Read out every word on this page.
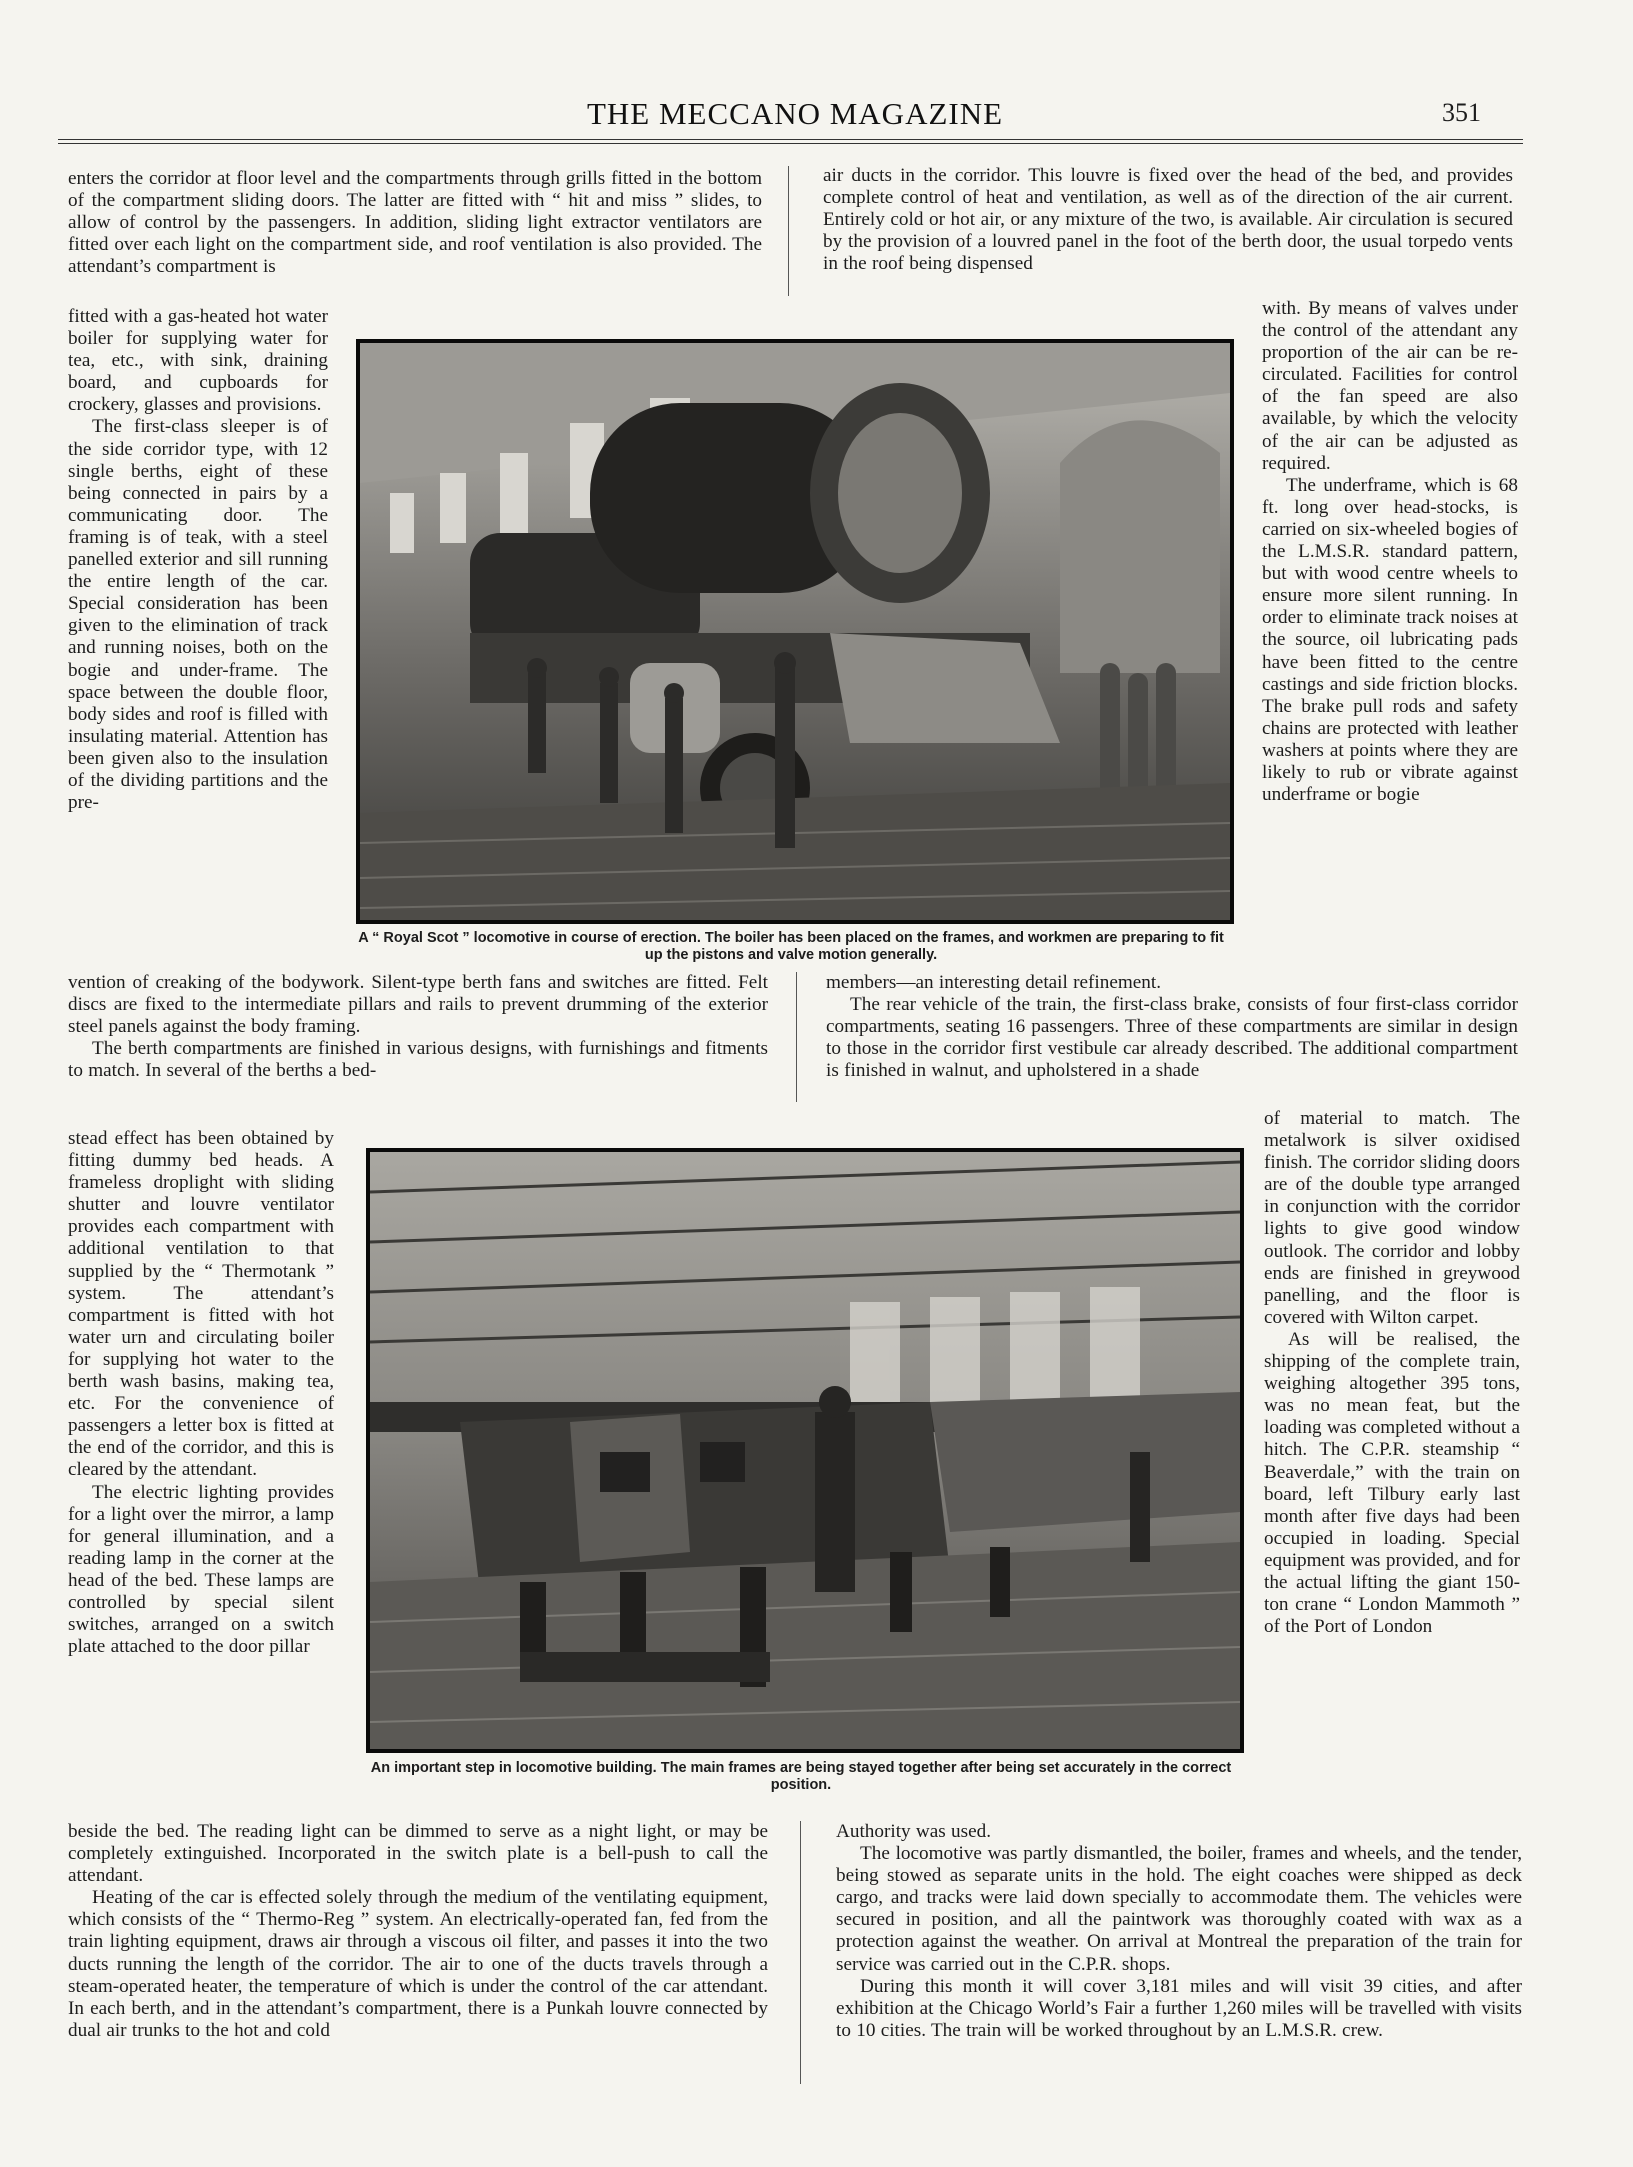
THE MECCANO MAGAZINE	351

enters the corridor at floor level and the compartments through grills fitted in the bottom of the compartment sliding doors. The latter are fitted with “ hit and miss ” slides, to allow of control by the passengers. In addition, sliding light extractor ventilators are fitted over each light on the compartment side, and roof ventilation is also provided. The attendant’s compartment is

air ducts in the corridor. This louvre is fixed over the head of the bed, and provides complete control of heat and ventilation, as well as of the direction of the air current. Entirely cold or hot air, or any mixture of the two, is available. Air circulation is secured by the provision of a louvred panel in the foot of the berth door, the usual torpedo vents in the roof being dispensed

fitted with a gas-heated hot water boiler for supplying water for tea, etc., with sink, draining board, and cupboards for crockery, glasses and provisions.

The first-class sleeper is of the side corridor type, with 12 single berths, eight of these being connected in pairs by a communicating door. The framing is of teak, with a steel panelled exterior and sill running the entire length of the car. Special consideration has been given to the elimination of track and running noises, both on the bogie and under-frame. The space between the double floor, body sides and roof is filled with insulating material. Attention has been given also to the insulation of the dividing partitions and the pre-

with. By means of valves under the control of the attendant any proportion of the air can be re-circulated. Facilities for control of the fan speed are also available, by which the velocity of the air can be adjusted as required.

The underframe, which is 68 ft. long over head-stocks, is carried on six-wheeled bogies of the L.M.S.R. standard pattern, but with wood centre wheels to ensure more silent running. In order to eliminate track noises at the source, oil lubricating pads have been fitted to the centre castings and side friction blocks. The brake pull rods and safety chains are protected with leather washers at points where they are likely to rub or vibrate against underframe or bogie

A “ Royal Scot ” locomotive in course of erection. The boiler has been placed on the frames, and workmen are preparing to fit up the pistons and valve motion generally.

vention of creaking of the bodywork. Silent-type berth fans and switches are fitted. Felt discs are fixed to the intermediate pillars and rails to prevent drumming of the exterior steel panels against the body framing.

The berth compartments are finished in various designs, with furnishings and fitments to match. In several of the berths a bed-

members—an interesting detail refinement.

The rear vehicle of the train, the first-class brake, consists of four first-class corridor compartments, seating 16 passengers. Three of these compartments are similar in design to those in the corridor first vestibule car already described. The additional compartment is finished in walnut, and upholstered in a shade

stead effect has been obtained by fitting dummy bed heads. A frameless droplight with sliding shutter and louvre ventilator provides each compartment with additional ventilation to that supplied by the “ Thermotank ” system. The attendant’s compartment is fitted with hot water urn and circulating boiler for supplying hot water to the berth wash basins, making tea, etc. For the convenience of passengers a letter box is fitted at the end of the corridor, and this is cleared by the attendant.

The electric lighting provides for a light over the mirror, a lamp for general illumination, and a reading lamp in the corner at the head of the bed. These lamps are controlled by special silent switches, arranged on a switch plate attached to the door pillar

of material to match. The metalwork is silver oxidised finish. The corridor sliding doors are of the double type arranged in conjunction with the corridor lights to give good window outlook. The corridor and lobby ends are finished in greywood panelling, and the floor is covered with Wilton carpet.

As will be realised, the shipping of the complete train, weighing altogether 395 tons, was no mean feat, but the loading was completed without a hitch. The C.P.R. steamship “ Beaverdale,” with the train on board, left Tilbury early last month after five days had been occupied in loading. Special equipment was provided, and for the actual lifting the giant 150-ton crane “ London Mammoth ” of the Port of London

An important step in locomotive building. The main frames are being stayed together after being set accurately in the correct position.

beside the bed. The reading light can be dimmed to serve as a night light, or may be completely extinguished. Incorporated in the switch plate is a bell-push to call the attendant.

Heating of the car is effected solely through the medium of the ventilating equipment, which consists of the “ Thermo-Reg ” system. An electrically-operated fan, fed from the train lighting equipment, draws air through a viscous oil filter, and passes it into the two ducts running the length of the corridor. The air to one of the ducts travels through a steam-operated heater, the temperature of which is under the control of the car attendant. In each berth, and in the attendant’s compartment, there is a Punkah louvre connected by dual air trunks to the hot and cold

Authority was used.

The locomotive was partly dismantled, the boiler, frames and wheels, and the tender, being stowed as separate units in the hold. The eight coaches were shipped as deck cargo, and tracks were laid down specially to accommodate them. The vehicles were secured in position, and all the paintwork was thoroughly coated with wax as a protection against the weather. On arrival at Montreal the preparation of the train for service was carried out in the C.P.R. shops.

During this month it will cover 3,181 miles and will visit 39 cities, and after exhibition at the Chicago World’s Fair a further 1,260 miles will be travelled with visits to 10 cities. The train will be worked throughout by an L.M.S.R. crew.
